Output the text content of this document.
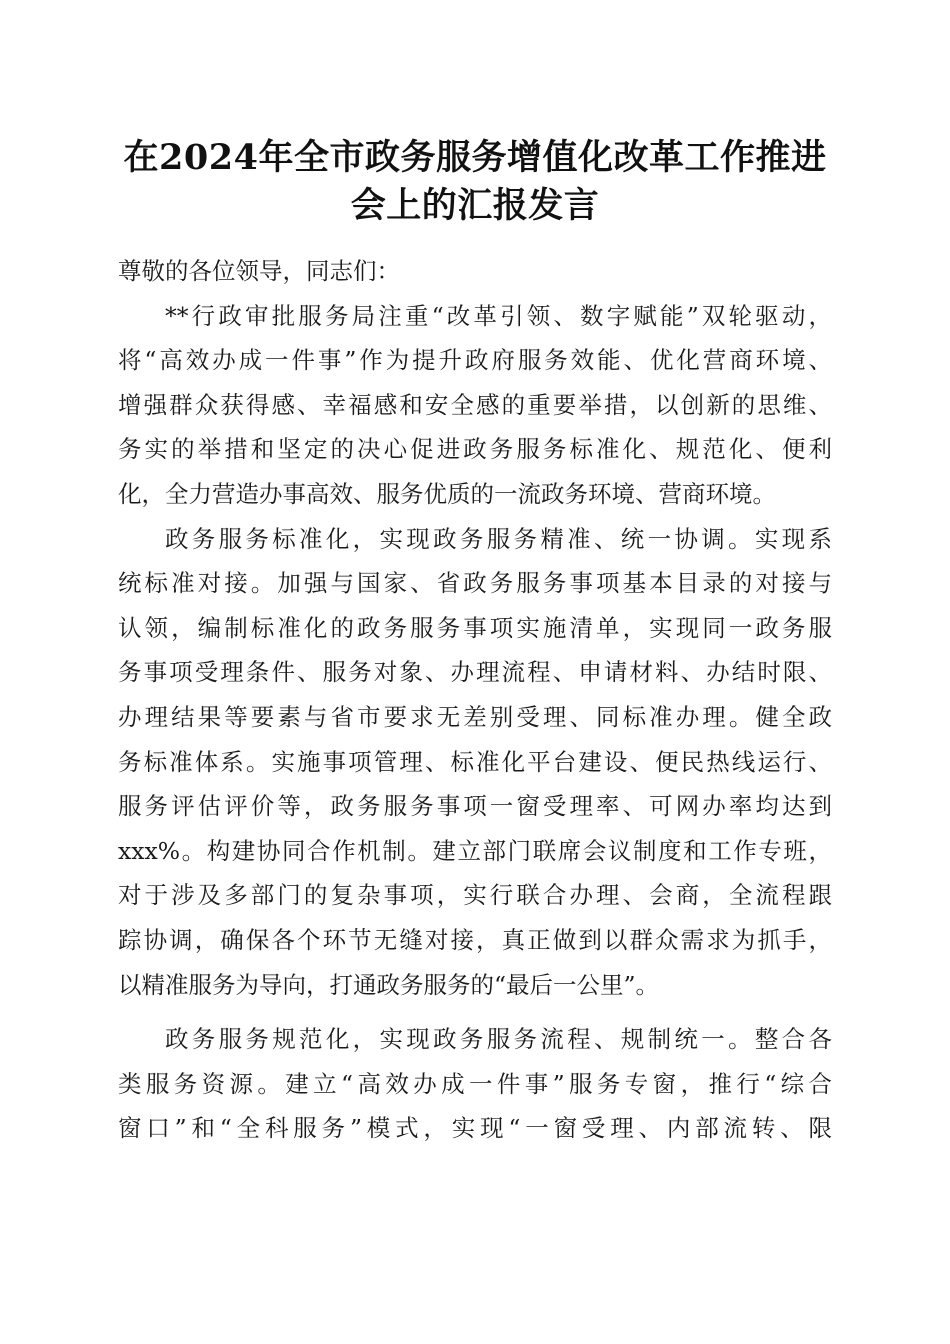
在2024年全市政务服务增值化改革工作推进
会上的汇报发言
尊敬的各位领导，同志们：
**行政审批服务局注重“改革引领、数字赋能”双轮驱动，
将“高效办成一件事”作为提升政府服务效能、优化营商环境、
增强群众获得感、幸福感和安全感的重要举措，以创新的思维、
务实的举措和坚定的决心促进政务服务标准化、规范化、便利
化，全力营造办事高效、服务优质的一流政务环境、营商环境。
政务服务标准化，实现政务服务精准、统一协调。实现系
统标准对接。加强与国家、省政务服务事项基本目录的对接与
认领，编制标准化的政务服务事项实施清单，实现同一政务服
务事项受理条件、服务对象、办理流程、申请材料、办结时限、
办理结果等要素与省市要求无差别受理、同标准办理。健全政
务标准体系。实施事项管理、标准化平台建设、便民热线运行、
服务评估评价等，政务服务事项一窗受理率、可网办率均达到
xxx%。构建协同合作机制。建立部门联席会议制度和工作专班，
对于涉及多部门的复杂事项，实行联合办理、会商，全流程跟
踪协调，确保各个环节无缝对接，真正做到以群众需求为抓手，
以精准服务为导向，打通政务服务的“最后一公里”。
政务服务规范化，实现政务服务流程、规制统一。整合各
类服务资源。建立“高效办成一件事”服务专窗，推行“综合
窗口”和“全科服务”模式，实现“一窗受理、内部流转、限
